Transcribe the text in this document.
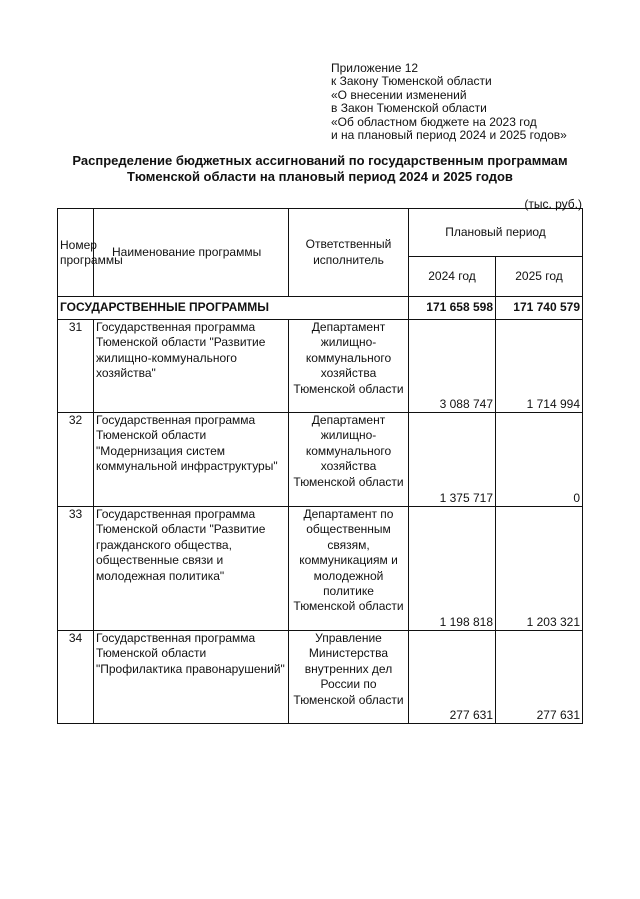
Приложение 12
к Закону Тюменской области
«О внесении изменений
в Закон Тюменской области
«Об областном бюджете на 2023 год
и на плановый период 2024 и 2025 годов»
Распределение бюджетных ассигнований по государственным программам
Тюменской области на плановый период 2024 и 2025 годов
(тыс. руб.)
Номер программы	Наименование программы	Ответственный исполнитель	Плановый период	
			2024 год	2025 год
ГОСУДАРСТВЕННЫЕ ПРОГРАММЫ			171 658 598	171 740 579
31	Государственная программа Тюменской области "Развитие жилищно-коммунального хозяйства"	Департамент жилищно-коммунального хозяйства Тюменской области	3 088 747	1 714 994
32	Государственная программа Тюменской области "Модернизация систем коммунальной инфраструктуры"	Департамент жилищно-коммунального хозяйства Тюменской области	1 375 717	0
33	Государственная программа Тюменской области "Развитие гражданского общества, общественные связи и молодежная политика"	Департамент по общественным связям, коммуникациям и молодежной политике Тюменской области	1 198 818	1 203 321
34	Государственная программа Тюменской области "Профилактика правонарушений"	Управление Министерства внутренних дел России по Тюменской области	277 631	277 631
